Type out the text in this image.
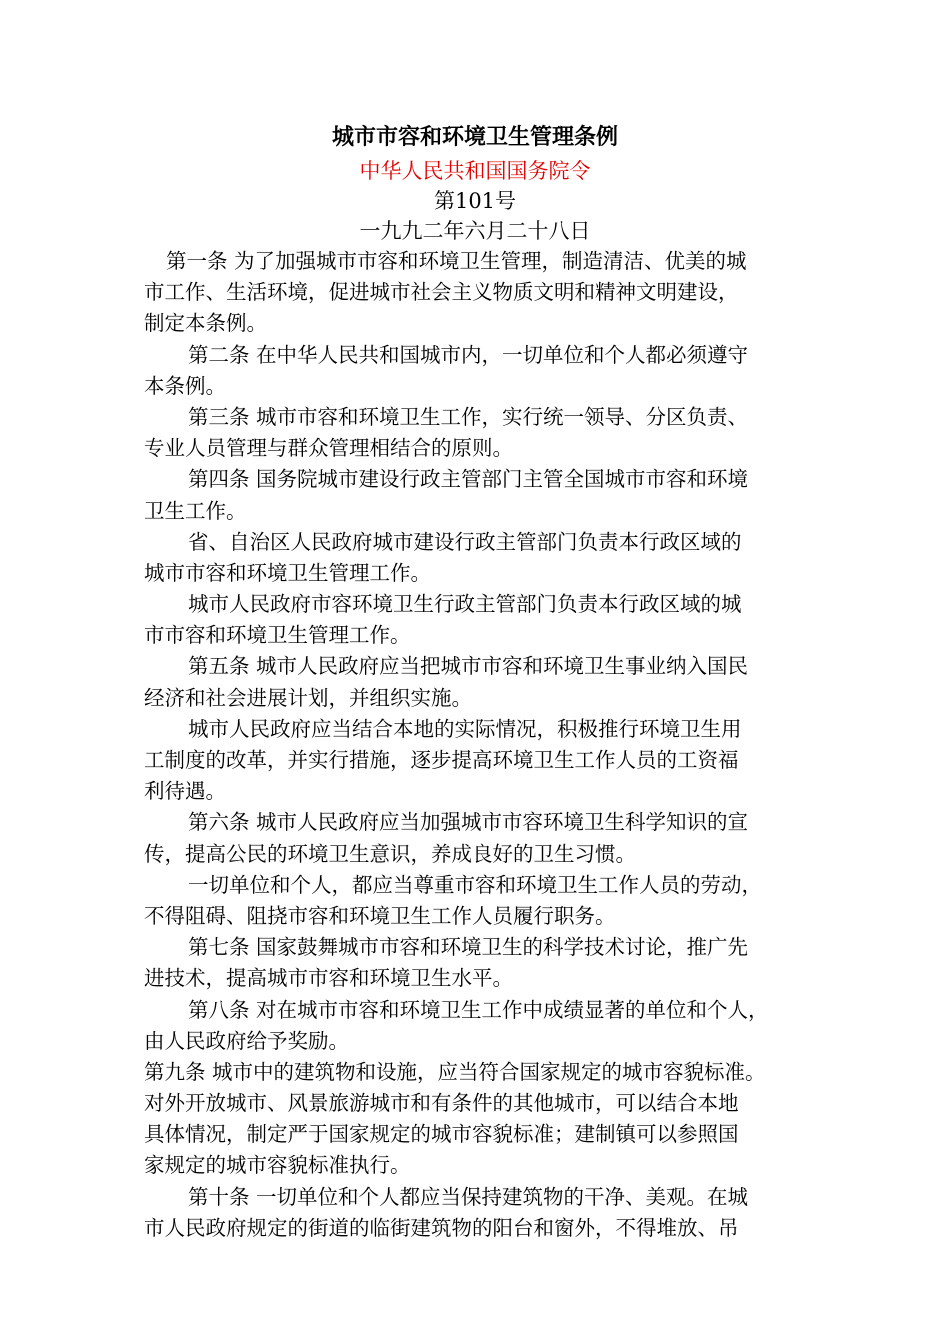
城市市容和环境卫生管理条例
中华人民共和国国务院令
第101号
一九九二年六月二十八日
第一条 为了加强城市市容和环境卫生管理，制造清洁、优美的城
市工作、生活环境，促进城市社会主义物质文明和精神文明建设，
制定本条例。
第二条 在中华人民共和国城市内，一切单位和个人都必须遵守
本条例。
第三条 城市市容和环境卫生工作，实行统一领导、分区负责、
专业人员管理与群众管理相结合的原则。
第四条 国务院城市建设行政主管部门主管全国城市市容和环境
卫生工作。
省、自治区人民政府城市建设行政主管部门负责本行政区域的
城市市容和环境卫生管理工作。
城市人民政府市容环境卫生行政主管部门负责本行政区域的城
市市容和环境卫生管理工作。
第五条 城市人民政府应当把城市市容和环境卫生事业纳入国民
经济和社会进展计划，并组织实施。
城市人民政府应当结合本地的实际情况，积极推行环境卫生用
工制度的改革，并实行措施，逐步提高环境卫生工作人员的工资福
利待遇。
第六条 城市人民政府应当加强城市市容环境卫生科学知识的宣
传，提高公民的环境卫生意识，养成良好的卫生习惯。
一切单位和个人，都应当尊重市容和环境卫生工作人员的劳动，
不得阻碍、阻挠市容和环境卫生工作人员履行职务。
第七条 国家鼓舞城市市容和环境卫生的科学技术讨论，推广先
进技术，提高城市市容和环境卫生水平。
第八条 对在城市市容和环境卫生工作中成绩显著的单位和个人，
由人民政府给予奖励。
第九条 城市中的建筑物和设施，应当符合国家规定的城市容貌标准。
对外开放城市、风景旅游城市和有条件的其他城市，可以结合本地
具体情况，制定严于国家规定的城市容貌标准；建制镇可以参照国
家规定的城市容貌标准执行。
第十条 一切单位和个人都应当保持建筑物的干净、美观。在城
市人民政府规定的街道的临街建筑物的阳台和窗外，不得堆放、吊
